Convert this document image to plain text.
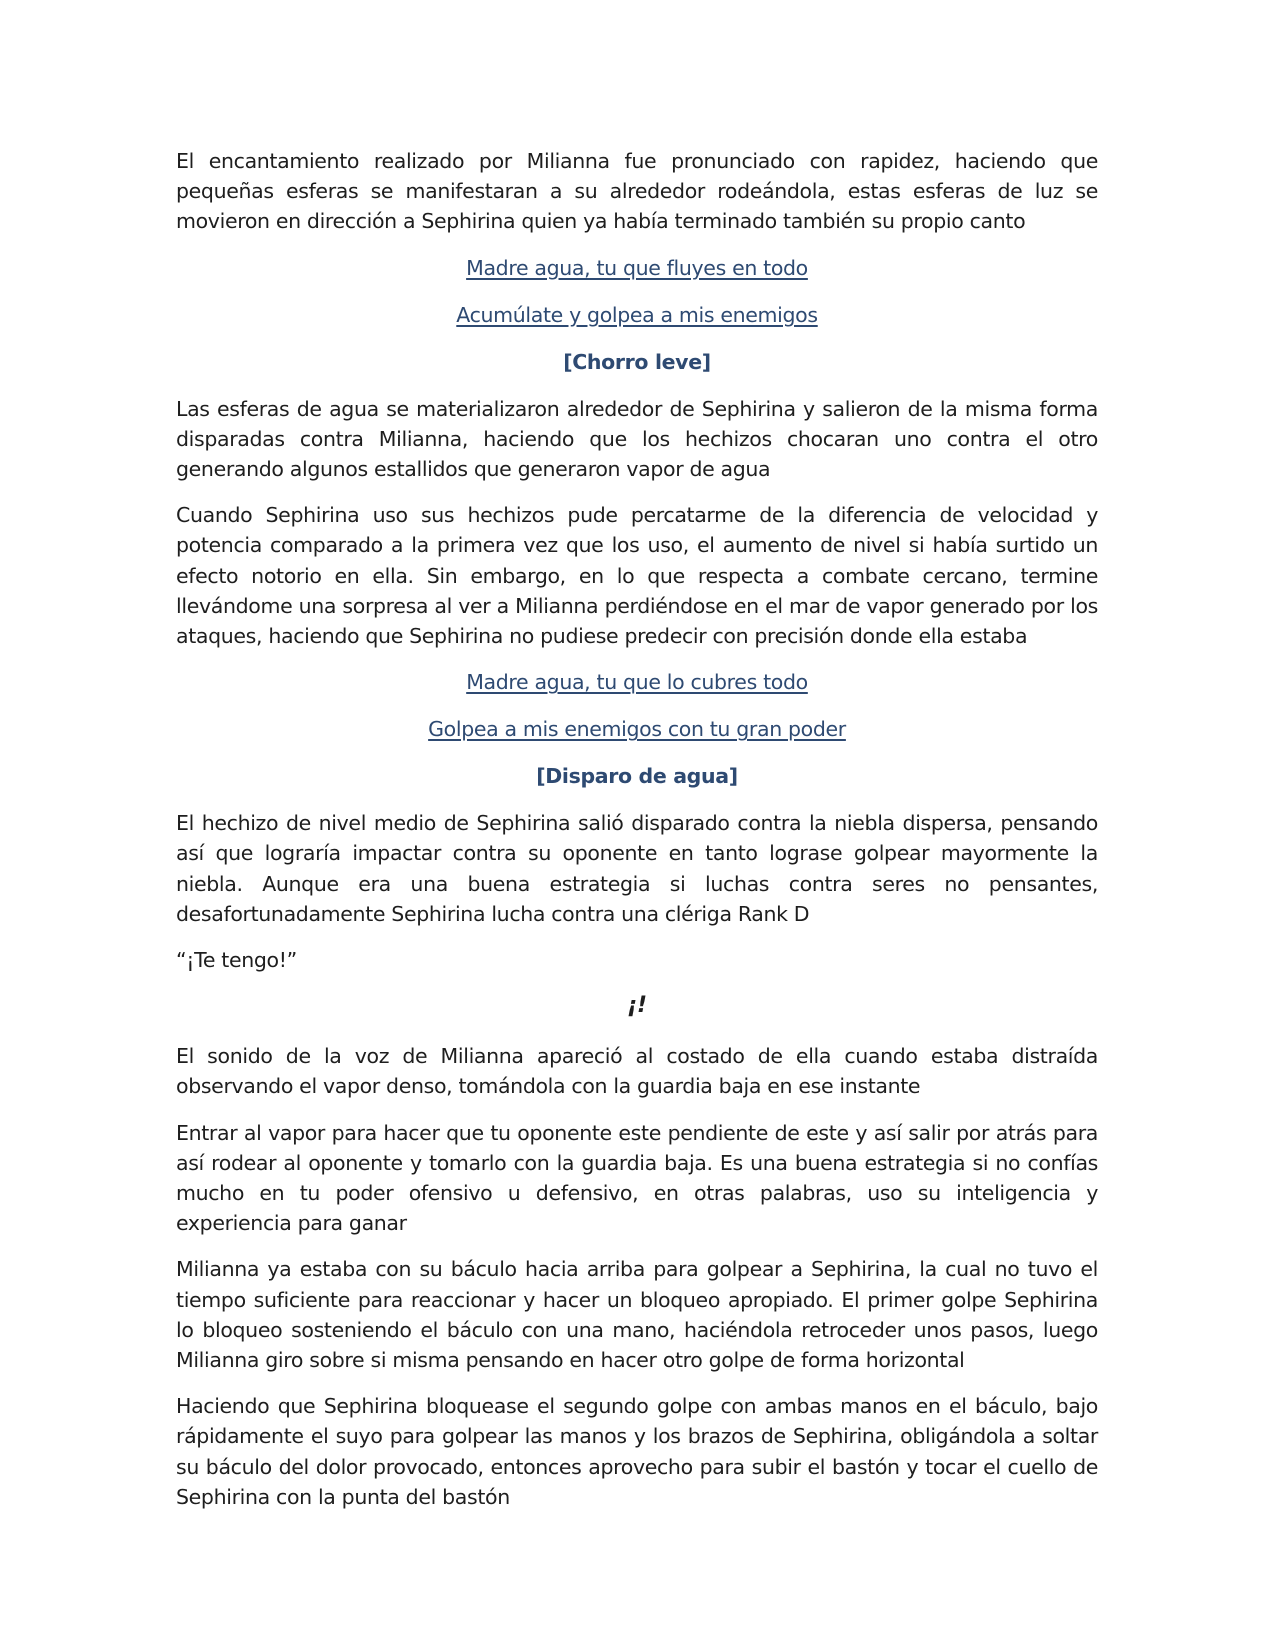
El encantamiento realizado por Milianna fue pronunciado con rapidez, haciendo que pequeñas esferas se manifestaran a su alrededor rodeándola, estas esferas de luz se movieron en dirección a Sephirina quien ya había terminado también su propio canto

Madre agua, tu que fluyes en todo
Acumúlate y golpea a mis enemigos
[Chorro leve]

Las esferas de agua se materializaron alrededor de Sephirina y salieron de la misma forma disparadas contra Milianna, haciendo que los hechizos chocaran uno contra el otro generando algunos estallidos que generaron vapor de agua

Cuando Sephirina uso sus hechizos pude percatarme de la diferencia de velocidad y potencia comparado a la primera vez que los uso, el aumento de nivel si había surtido un efecto notorio en ella. Sin embargo, en lo que respecta a combate cercano, termine llevándome una sorpresa al ver a Milianna perdiéndose en el mar de vapor generado por los ataques, haciendo que Sephirina no pudiese predecir con precisión donde ella estaba

Madre agua, tu que lo cubres todo
Golpea a mis enemigos con tu gran poder
[Disparo de agua]

El hechizo de nivel medio de Sephirina salió disparado contra la niebla dispersa, pensando así que lograría impactar contra su oponente en tanto lograse golpear mayormente la niebla. Aunque era una buena estrategia si luchas contra seres no pensantes, desafortunadamente Sephirina lucha contra una clériga Rank D

“¡Te tengo!”

¡!

El sonido de la voz de Milianna apareció al costado de ella cuando estaba distraída observando el vapor denso, tomándola con la guardia baja en ese instante

Entrar al vapor para hacer que tu oponente este pendiente de este y así salir por atrás para así rodear al oponente y tomarlo con la guardia baja. Es una buena estrategia si no confías mucho en tu poder ofensivo u defensivo, en otras palabras, uso su inteligencia y experiencia para ganar

Milianna ya estaba con su báculo hacia arriba para golpear a Sephirina, la cual no tuvo el tiempo suficiente para reaccionar y hacer un bloqueo apropiado. El primer golpe Sephirina lo bloqueo sosteniendo el báculo con una mano, haciéndola retroceder unos pasos, luego Milianna giro sobre si misma pensando en hacer otro golpe de forma horizontal

Haciendo que Sephirina bloquease el segundo golpe con ambas manos en el báculo, bajo rápidamente el suyo para golpear las manos y los brazos de Sephirina, obligándola a soltar su báculo del dolor provocado, entonces aprovecho para subir el bastón y tocar el cuello de Sephirina con la punta del bastón
